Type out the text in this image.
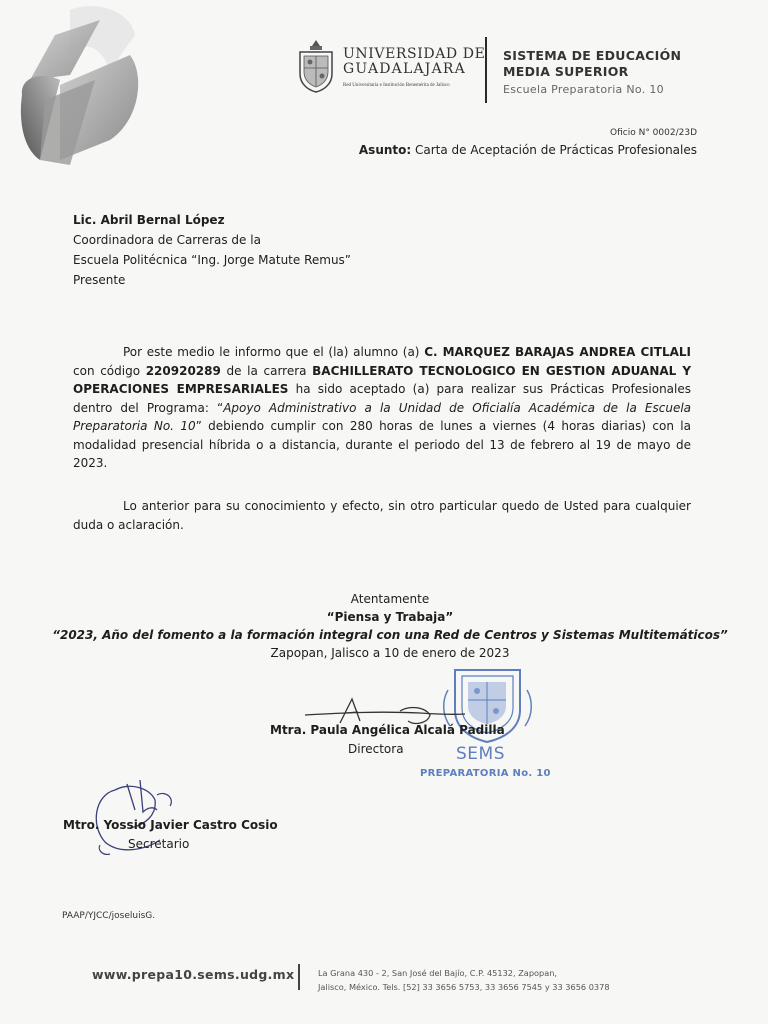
UNIVERSIDAD DE
GUADALAJARA
Red Universitaria e Institución Benemérita de Jalisco
SISTEMA DE EDUCACIÓN
MEDIA SUPERIOR
Escuela Preparatoria No. 10
Oficio N° 0002/23D
Asunto: Carta de Aceptación de Prácticas Profesionales
Lic. Abril Bernal López
Coordinadora de Carreras de la
Escuela Politécnica “Ing. Jorge Matute Remus”
Presente
Por este medio le informo que el (la) alumno (a) C. MARQUEZ BARAJAS ANDREA CITLALI con código 220920289 de la carrera BACHILLERATO TECNOLOGICO EN GESTION ADUANAL Y OPERACIONES EMPRESARIALES ha sido aceptado (a) para realizar sus Prácticas Profesionales dentro del Programa: “Apoyo Administrativo a la Unidad de Oficialía Académica de la Escuela Preparatoria No. 10” debiendo cumplir con 280 horas de lunes a viernes (4 horas diarias) con la modalidad presencial híbrida o a distancia, durante el periodo del 13 de febrero al 19 de mayo de 2023.
Lo anterior para su conocimiento y efecto, sin otro particular quedo de Usted para cualquier duda o aclaración.
Atentamente
“Piensa y Trabaja”
“2023, Año del fomento a la formación integral con una Red de Centros y Sistemas Multitemáticos”
Zapopan, Jalisco a 10 de enero de 2023
Mtra. Paula Angélica Alcalá Padilla
Directora	SEMS
PREPARATORIA No. 10
Mtro. Yossio Javier Castro Cosio
Secretario
PAAP/YJCC/joseluisG.
www.prepa10.sems.udg.mx	La Grana 430 - 2, San José del Bajío, C.P. 45132, Zapopan,
Jalisco, México. Tels. [52] 33 3656 5753, 33 3656 7545 y 33 3656 0378
